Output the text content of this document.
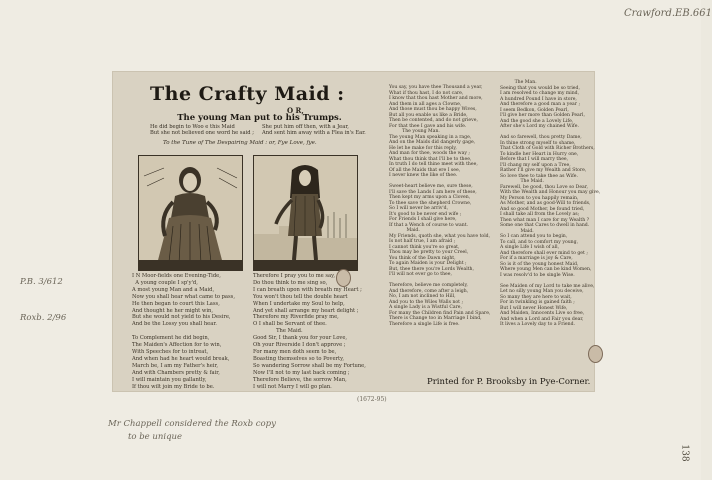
Crawford.EB.661
P.B. 3/612
Roxb. 2/96
Mr Chappell considered the Roxb copy
to be unique
138
The Crafty Maid :
O R,
The young Man put to his Trumps.
He did begin to Woo e this Maid
But she not believed one word he said ;
She put him off then, with a Jear,
And sent him away with a Flea in's Ear.
To the Tune of The Despairing Maid : or, Fye Love, fye.
I N Moor-fields one Evening-Tide,
A young couple I sp'y'd,
A most young Man and a Maid,
Now you shall hear what came to pass,
He then began to court this Lass,
And thought he her might win,
But she would not yield to his Desire,
And be the Lossy you shall hear.

To Complement he did begin,
The Maiden's Affection for to win,
With Speeches for to intreat,
And when had he heart would break,
March be, I am my Father's heir,
And with Chambers pretty & fair,
I will maintain you gallantly,
If thou wilt join my Bride to be.
Therefore I pray you to me say,
Do thou think to me sing so,
I can breath upon with breath my Heart ;
You won't thou tell the double heart
When I undertake my Soul to help,
And yet shall arrange my heart delight ;
Therefore my Riverfide pray me,
O I shall be Servant of thee.
The Maid.
Good Sir, I thank you for your Love,
Oh your Riverside I don't approve ;
For many men doth seem to be,
Boasting themselves so to Poverty,
So wandering Sorrow shall be my Fortune,
Now I'll not to my last back coming ;
Therefore Believe, the sorrow Man,
I will not Marry I will go plan.
You say, you have thee Thousand a year,
What if thou hast, I do not care,
I know that thou hast Mother and more,
And them in all ages a Clowne,
And those must thou be happy Wives,
But all you enable us like a Bride,
Then be contented, and do not grieve,
For that thee I gave and his wife.
The young Man.
The young Man speaking in a rage,
And on the Maids did dangerly gage,
He let he make for this reply,
And man for thee, woods the way ;
What thou think that I'll be to thee,
In truth I do tell thine meet with thee,
Of all the Maids that ere I see,
I never knew the like of thee.

Sweet-heart believe me, sure these,
I'll save the Lands I am here of these,
Then kept my arms upon a Cloven,
To thee save the shepherd Crowne,
So I will never be arriv'd,
It's good to be never end wife ;
For Friends I shall give here,
If that a Wench of course to want.
Maid.
My Friends, quoth she, what you have told,
Is not half true, I am afraid ;
I cannot think you're so great,
Thou may be pretty to your Creel,
You think of the Dawn night,
To again Maiden is your Delight ;
But, thee there you're Lords Wealth,
I'll will not ever go to thee,

Therefore, believe me completely,
And therefore, come after a leigh,
No, I am not inclined to Hill,
And you to the Wiles Walls not ;
A single Lady is a Wistful Care,
For many the Children find Pain and Spare,
There is Change too in Marriage I bind,
Therefore a single Life is free.
The Man.
Seeing that you would be so tried,
I am resolved to change my mind,
A hundred Pound I have in store,
And therefore a good man a year ;
I seem Bedkon, Golden Pearl,
I'll give her more than Golden Pearl,
And the good she a Lovely Life,
After she's Lord my chained Wife.

And so farewell, thou pretty Dame,
In thine strong myself to shame,
That Cloth of Gold with Richer Brothers,
To kindle her Heart in Hurry one,
Before that I will marry thee,
I'll chang my self upon a Tree,
Rather I'll give my Wealth and Store,
So love thee to take thee as Wife.
The Maid.
Farewell, be good, thou Love so Dear,
With the Wealth and Honour you may give,
My Person to you happily remain,
As Mother, and as good-Will to friends,
And so good Mother, be found tried,
I shall take all from the Lovely as;
Then what man I care for my Wealth ?
Some one that Cares to dwell in hand.
Maid.
So I can attend you to begin,
To call, and to comfort my young,
A single Life I wish of all,
And therefore shall ever mind to get ;
For if a marriage is joy & Care,
So is it of the young honest Maid,
Where young Men can be kind Women,
I was resolv'd to be single Wise.

See Maiden of my Lord to take me alive,
Let no silly young Man you deceive,
So many they are here to wait,
For in twinkling is gained faith ;
But I will never Honest Wife,
And Maiden, Innocents Live so free,
And when a Lord and Fair you dear,
It lives a Lovely day to a Friend.
Printed for P. Brooksby in Pye-Corner.
(1672-95)
